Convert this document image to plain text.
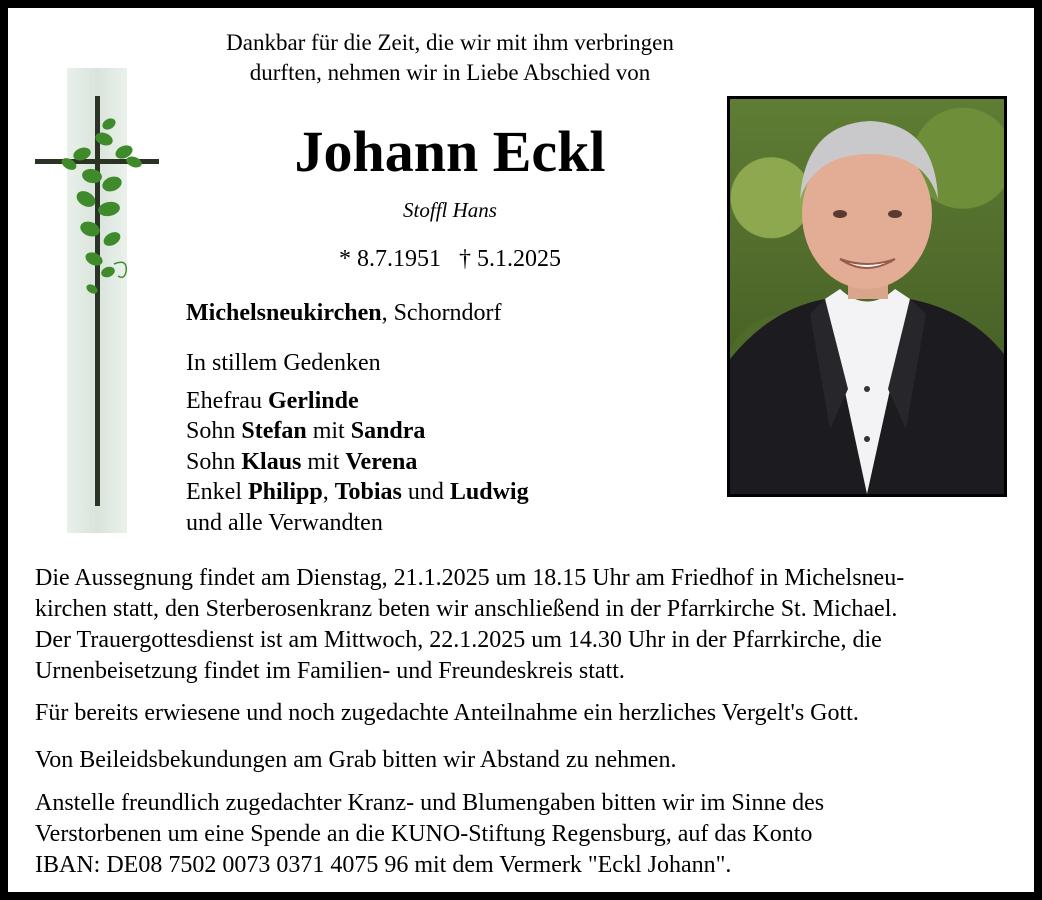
Dankbar für die Zeit, die wir mit ihm verbringen
durften, nehmen wir in Liebe Abschied von
Johann Eckl
Stoffl Hans
* 8.7.1951   † 5.1.2025
Michelsneukirchen, Schorndorf
In stillem Gedenken
Ehefrau Gerlinde
Sohn Stefan mit Sandra
Sohn Klaus mit Verena
Enkel Philipp, Tobias und Ludwig
und alle Verwandten

Die Aussegnung findet am Dienstag, 21.1.2025 um 18.15 Uhr am Friedhof in Michelsneu-

kirchen statt, den Sterberosenkranz beten wir anschließend in der Pfarrkirche St. Michael.

Der Trauergottesdienst ist am Mittwoch, 22.1.2025 um 14.30 Uhr in der Pfarrkirche, die

Urnenbeisetzung findet im Familien- und Freundeskreis statt.

Für bereits erwiesene und noch zugedachte Anteilnahme ein herzliches Vergelt's Gott.

Von Beileidsbekundungen am Grab bitten wir Abstand zu nehmen.

Anstelle freundlich zugedachter Kranz- und Blumengaben bitten wir im Sinne des

Verstorbenen um eine Spende an die KUNO-Stiftung Regensburg, auf das Konto

IBAN: DE08 7502 0073 0371 4075 96 mit dem Vermerk "Eckl Johann".
